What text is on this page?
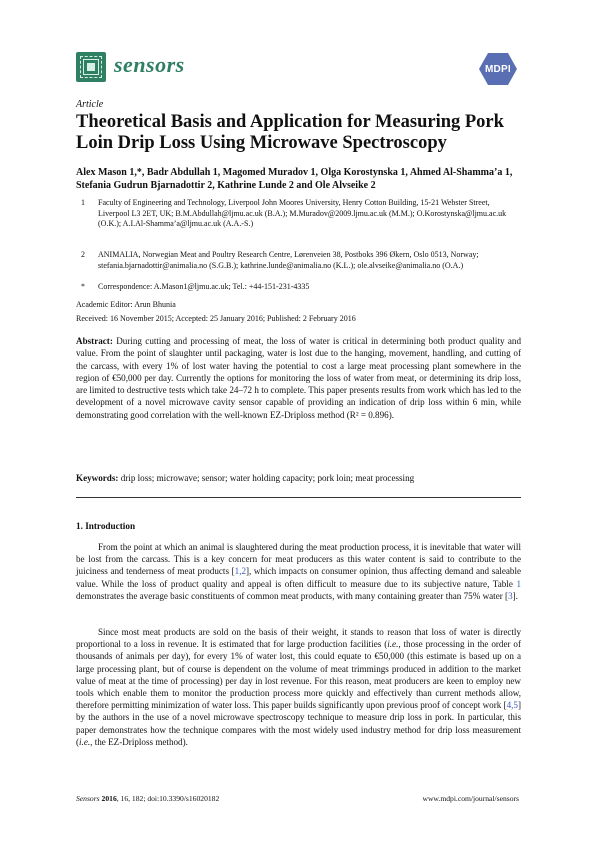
sensors	MDPI
Article
Theoretical Basis and Application for Measuring Pork Loin Drip Loss Using Microwave Spectroscopy
Alex Mason 1,*, Badr Abdullah 1, Magomed Muradov 1, Olga Korostynska 1, Ahmed Al-Shamma’a 1, Stefania Gudrun Bjarnadottir 2, Kathrine Lunde 2 and Ole Alvseike 2
1 Faculty of Engineering and Technology, Liverpool John Moores University, Henry Cotton Building, 15-21 Webster Street, Liverpool L3 2ET, UK; B.M.Abdullah@ljmu.ac.uk (B.A.); M.Muradov@2009.ljmu.ac.uk (M.M.); O.Korostynska@ljmu.ac.uk (O.K.); A.I.Al-Shamma’a@ljmu.ac.uk (A.A.-S.)
2 ANIMALIA, Norwegian Meat and Poultry Research Centre, Lørenveien 38, Postboks 396 Økern, Oslo 0513, Norway; stefania.bjarnadottir@animalia.no (S.G.B.); kathrine.lunde@animalia.no (K.L.); ole.alvseike@animalia.no (O.A.)
* Correspondence: A.Mason1@ljmu.ac.uk; Tel.: +44-151-231-4335
Academic Editor: Arun Bhunia
Received: 16 November 2015; Accepted: 25 January 2016; Published: 2 February 2016
Abstract: During cutting and processing of meat, the loss of water is critical in determining both product quality and value. From the point of slaughter until packaging, water is lost due to the hanging, movement, handling, and cutting of the carcass, with every 1% of lost water having the potential to cost a large meat processing plant somewhere in the region of €50,000 per day. Currently the options for monitoring the loss of water from meat, or determining its drip loss, are limited to destructive tests which take 24–72 h to complete. This paper presents results from work which has led to the development of a novel microwave cavity sensor capable of providing an indication of drip loss within 6 min, while demonstrating good correlation with the well-known EZ-Driploss method (R² = 0.896).
Keywords: drip loss; microwave; sensor; water holding capacity; pork loin; meat processing
1. Introduction
From the point at which an animal is slaughtered during the meat production process, it is inevitable that water will be lost from the carcass. This is a key concern for meat producers as this water content is said to contribute to the juiciness and tenderness of meat products [1,2], which impacts on consumer opinion, thus affecting demand and saleable value. While the loss of product quality and appeal is often difficult to measure due to its subjective nature, Table 1 demonstrates the average basic constituents of common meat products, with many containing greater than 75% water [3].
Since most meat products are sold on the basis of their weight, it stands to reason that loss of water is directly proportional to a loss in revenue. It is estimated that for large production facilities (i.e., those processing in the order of thousands of animals per day), for every 1% of water lost, this could equate to €50,000 (this estimate is based up on a large processing plant, but of course is dependent on the volume of meat trimmings produced in addition to the market value of meat at the time of processing) per day in lost revenue. For this reason, meat producers are keen to employ new tools which enable them to monitor the production process more quickly and effectively than current methods allow, therefore permitting minimization of water loss. This paper builds significantly upon previous proof of concept work [4,5] by the authors in the use of a novel microwave spectroscopy technique to measure drip loss in pork. In particular, this paper demonstrates how the technique compares with the most widely used industry method for drip loss measurement (i.e., the EZ-Driploss method).
Sensors 2016, 16, 182; doi:10.3390/s16020182	www.mdpi.com/journal/sensors
